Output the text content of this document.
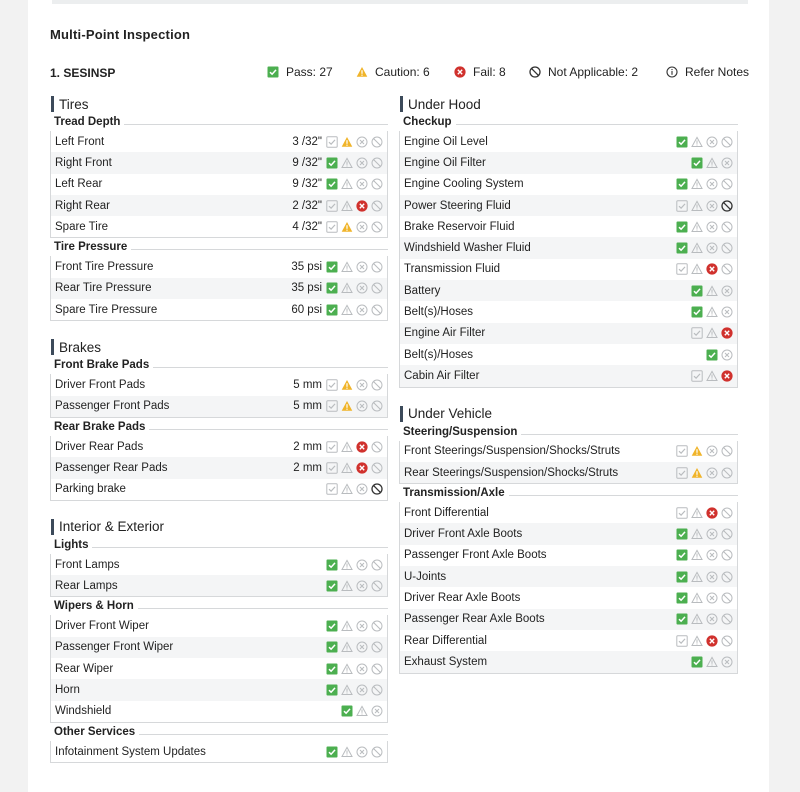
Multi-Point Inspection
1. SESINSP	Pass: 27	Caution: 6	Fail: 8	Not Applicable: 2	Refer Notes
Tires
Tread Depth
Left Front	3 /32"
Right Front	9 /32"
Left Rear	9 /32"
Right Rear	2 /32"
Spare Tire	4 /32"
Tire Pressure
Front Tire Pressure	35 psi
Rear Tire Pressure	35 psi
Spare Tire Pressure	60 psi
Brakes
Front Brake Pads
Driver Front Pads	5 mm
Passenger Front Pads	5 mm
Rear Brake Pads
Driver Rear Pads	2 mm
Passenger Rear Pads	2 mm
Parking brake
Interior & Exterior
Lights
Front Lamps
Rear Lamps
Wipers & Horn
Driver Front Wiper
Passenger Front Wiper
Rear Wiper
Horn
Windshield
Other Services
Infotainment System Updates
Under Hood
Checkup
Engine Oil Level
Engine Oil Filter
Engine Cooling System
Power Steering Fluid
Brake Reservoir Fluid
Windshield Washer Fluid
Transmission Fluid
Battery
Belt(s)/Hoses
Engine Air Filter
Belt(s)/Hoses
Cabin Air Filter
Under Vehicle
Steering/Suspension
Front Steerings/Suspension/Shocks/Struts
Rear Steerings/Suspension/Shocks/Struts
Transmission/Axle
Front Differential
Driver Front Axle Boots
Passenger Front Axle Boots
U-Joints
Driver Rear Axle Boots
Passenger Rear Axle Boots
Rear Differential
Exhaust System
